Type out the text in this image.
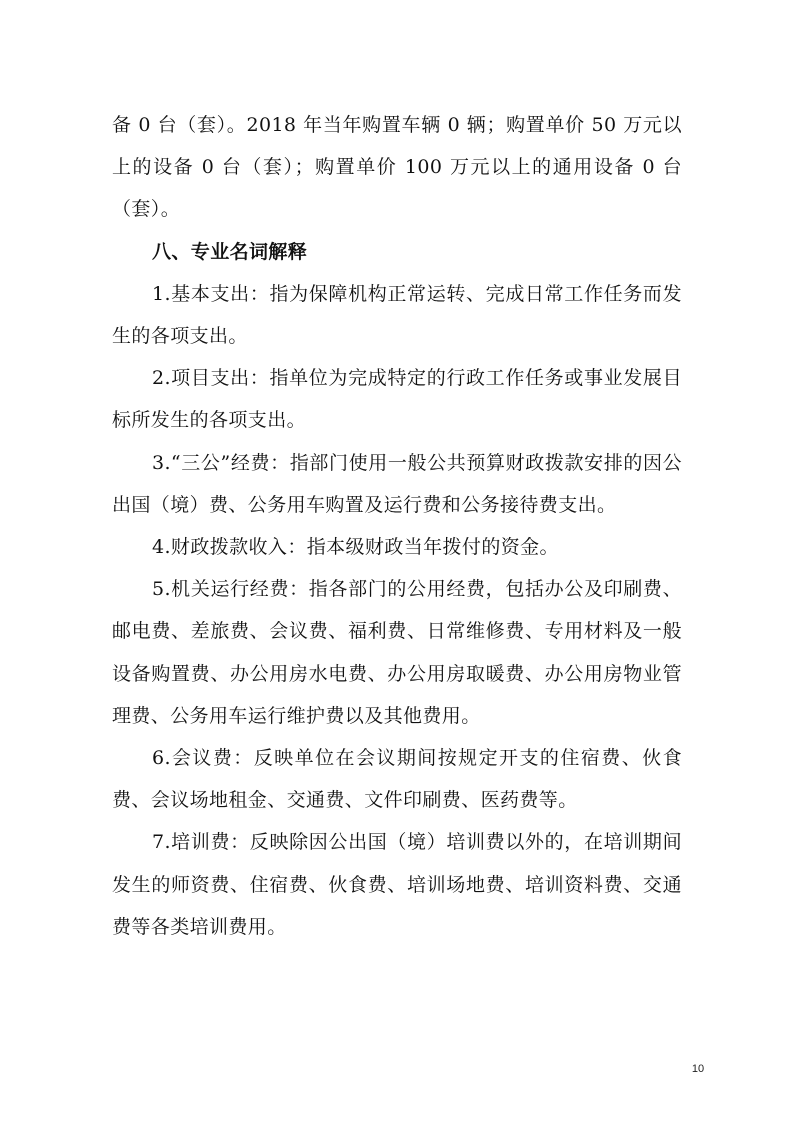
备 0 台（套）。2018 年当年购置车辆 0 辆；购置单价 50 万元以上的设备 0 台（套）；购置单价 100 万元以上的通用设备 0 台（套）。

八、专业名词解释

1.基本支出：指为保障机构正常运转、完成日常工作任务而发生的各项支出。

2.项目支出：指单位为完成特定的行政工作任务或事业发展目标所发生的各项支出。

3.“三公”经费：指部门使用一般公共预算财政拨款安排的因公出国（境）费、公务用车购置及运行费和公务接待费支出。

4.财政拨款收入：指本级财政当年拨付的资金。

5.机关运行经费：指各部门的公用经费，包括办公及印刷费、邮电费、差旅费、会议费、福利费、日常维修费、专用材料及一般设备购置费、办公用房水电费、办公用房取暖费、办公用房物业管理费、公务用车运行维护费以及其他费用。

6.会议费：反映单位在会议期间按规定开支的住宿费、伙食费、会议场地租金、交通费、文件印刷费、医药费等。

7.培训费：反映除因公出国（境）培训费以外的，在培训期间发生的师资费、住宿费、伙食费、培训场地费、培训资料费、交通费等各类培训费用。

10
